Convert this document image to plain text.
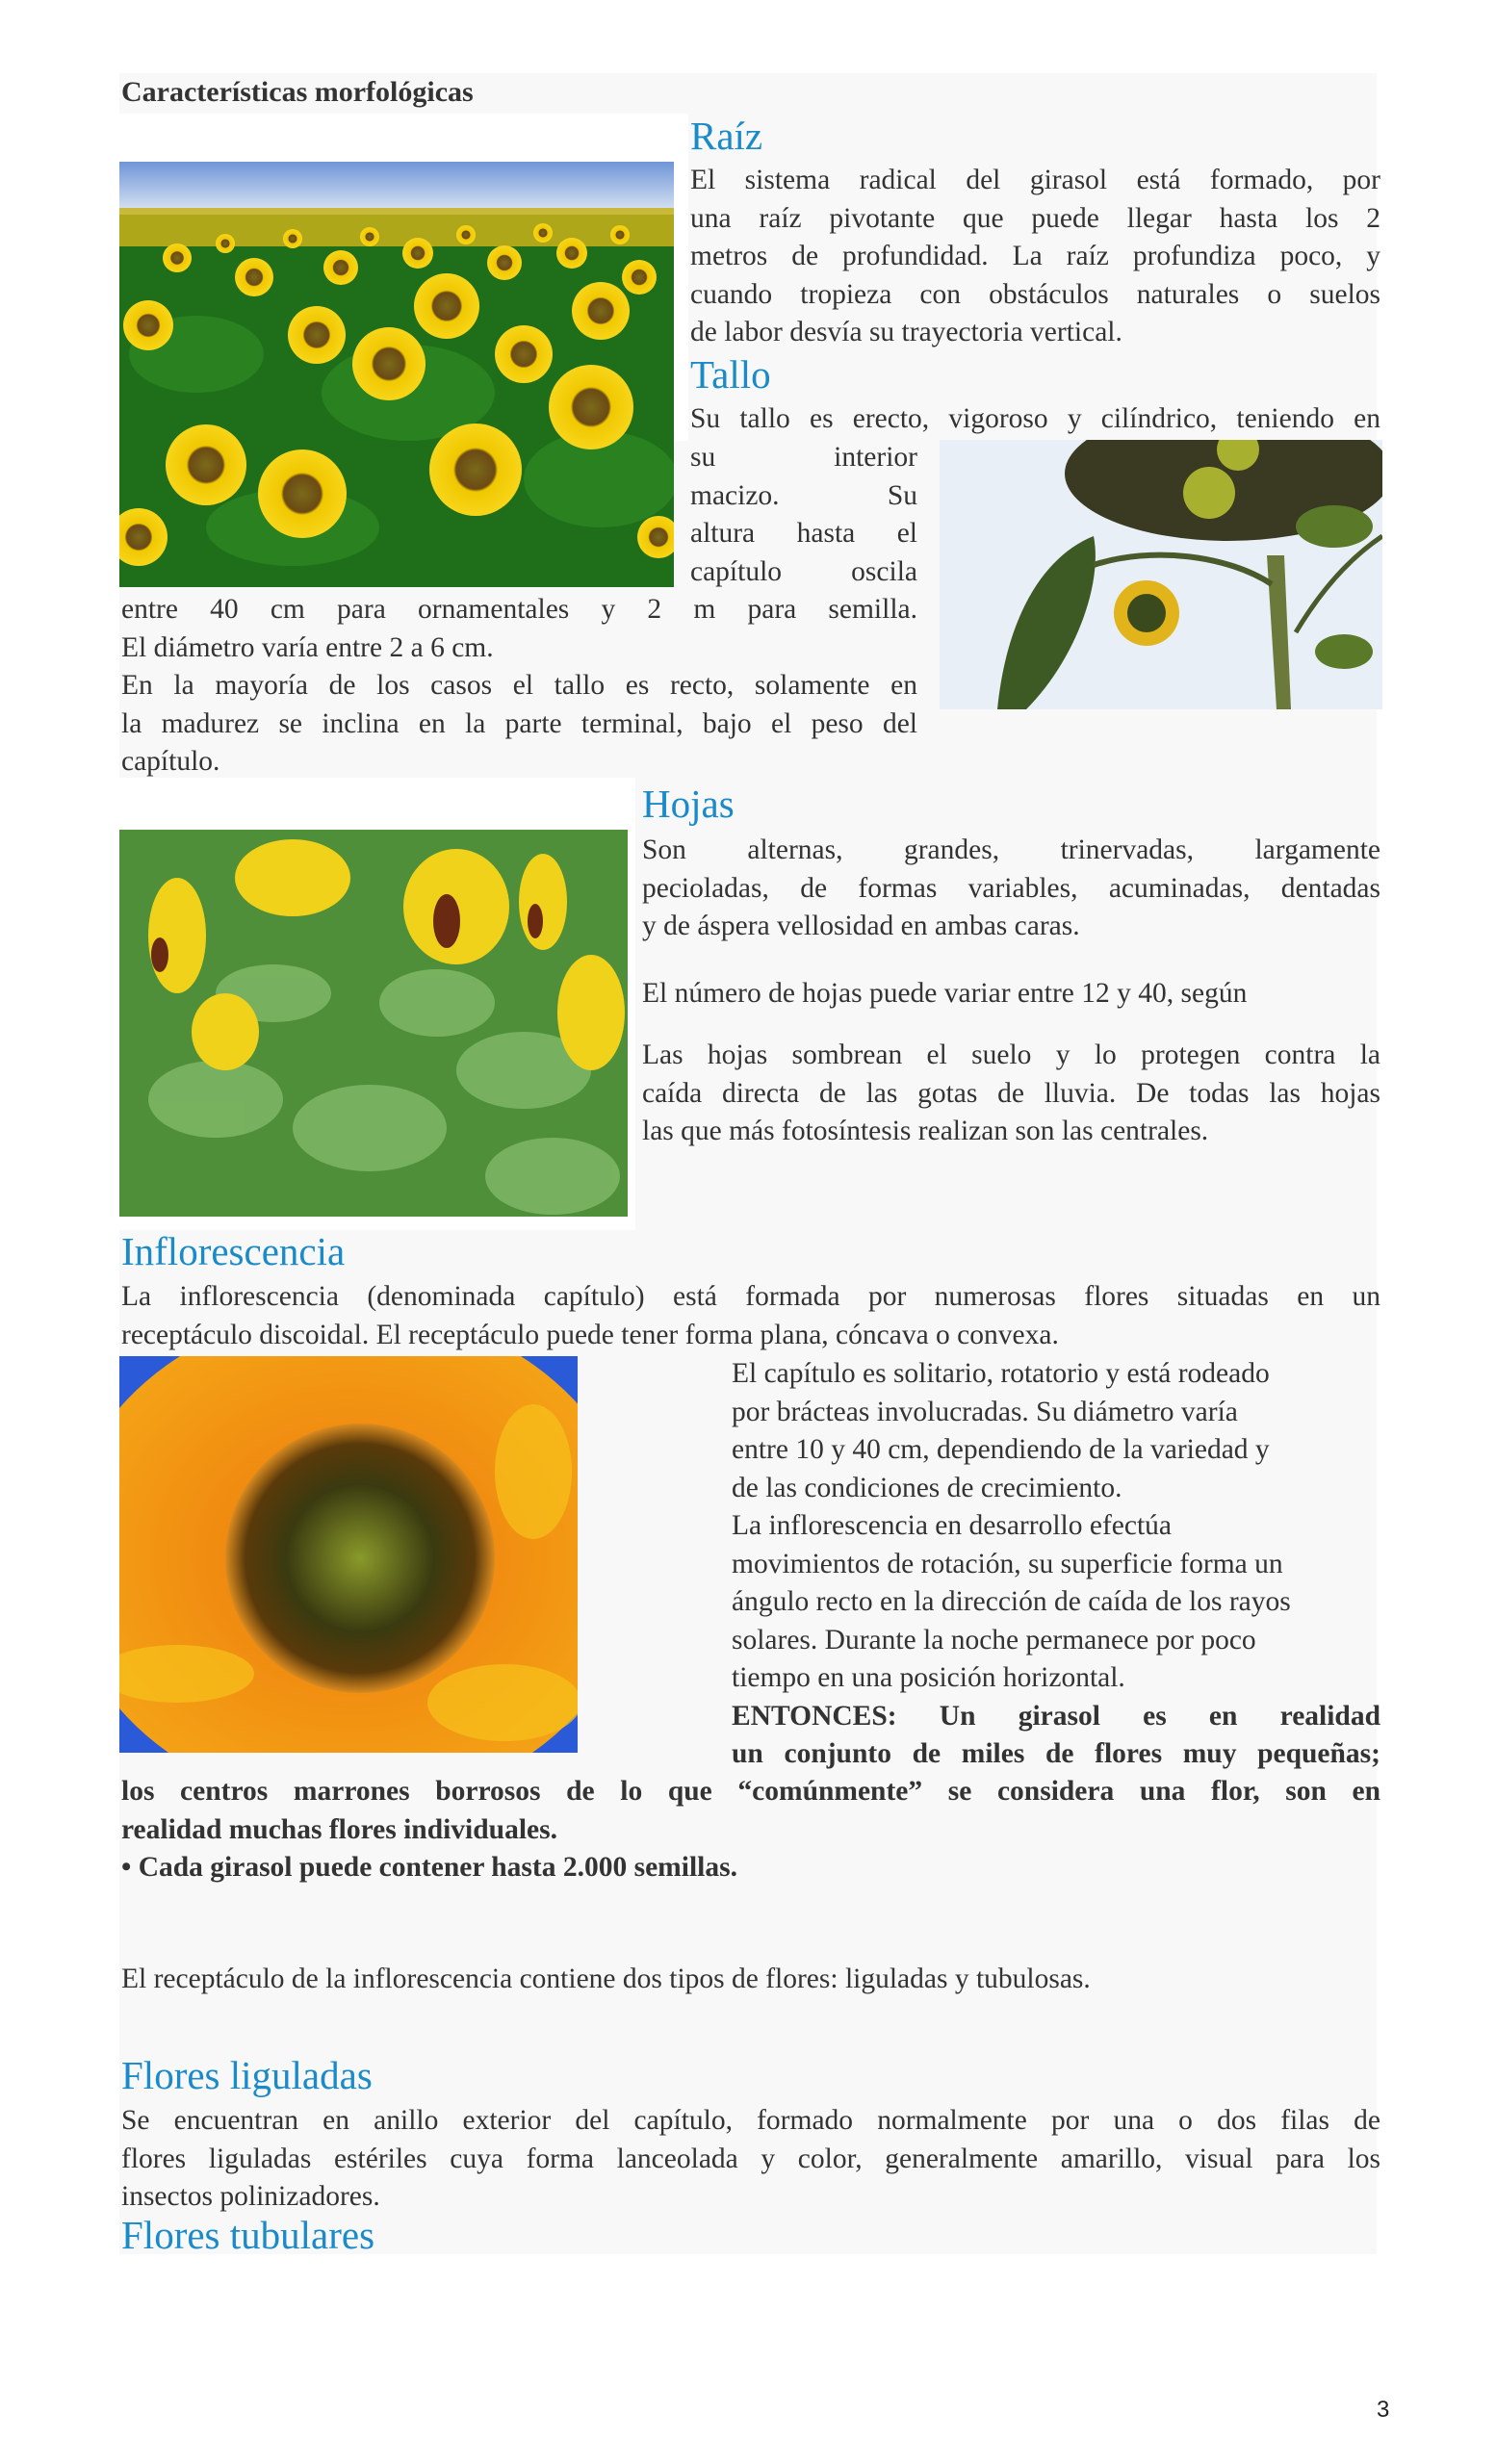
Características morfológicas
Raíz
El sistema radical del girasol está formado, por
una raíz pivotante que puede llegar hasta los 2
metros de profundidad. La raíz profundiza poco, y
cuando tropieza con obstáculos naturales o suelos
de labor desvía su trayectoria vertical.
Tallo
Su tallo es erecto, vigoroso y cilíndrico, teniendo en
su interior
macizo. Su
altura hasta el
capítulo oscila
entre 40 cm para ornamentales y 2 m para semilla.
El diámetro varía entre 2 a 6 cm.
En la mayoría de los casos el tallo es recto, solamente en
la madurez se inclina en la parte terminal, bajo el peso del
capítulo.
Hojas
Son alternas, grandes, trinervadas, largamente
pecioladas, de formas variables, acuminadas, dentadas
y de áspera vellosidad en ambas caras.
El número de hojas puede variar entre 12 y 40, según
Las hojas sombrean el suelo y lo protegen contra la
caída directa de las gotas de lluvia. De todas las hojas
las que más fotosíntesis realizan son las centrales.
Inflorescencia
La inflorescencia (denominada capítulo) está formada por numerosas flores situadas en un
receptáculo discoidal. El receptáculo puede tener forma plana, cóncava o convexa.
El capítulo es solitario, rotatorio y está rodeado
por brácteas involucradas. Su diámetro varía
entre 10 y 40 cm, dependiendo de la variedad y
de las condiciones de crecimiento.
La inflorescencia en desarrollo efectúa
movimientos de rotación, su superficie forma un
ángulo recto en la dirección de caída de los rayos
solares. Durante la noche permanece por poco
tiempo en una posición horizontal.
ENTONCES: Un girasol es en realidad
un conjunto de miles de flores muy pequeñas;
los centros marrones borrosos de lo que “comúnmente” se considera una flor, son en
realidad muchas flores individuales.
• Cada girasol puede contener hasta 2.000 semillas.
El receptáculo de la inflorescencia contiene dos tipos de flores: liguladas y tubulosas.
Flores liguladas
Se encuentran en anillo exterior del capítulo, formado normalmente por una o dos filas de
flores liguladas estériles cuya forma lanceolada y color, generalmente amarillo, visual para los
insectos polinizadores.
Flores tubulares
3
